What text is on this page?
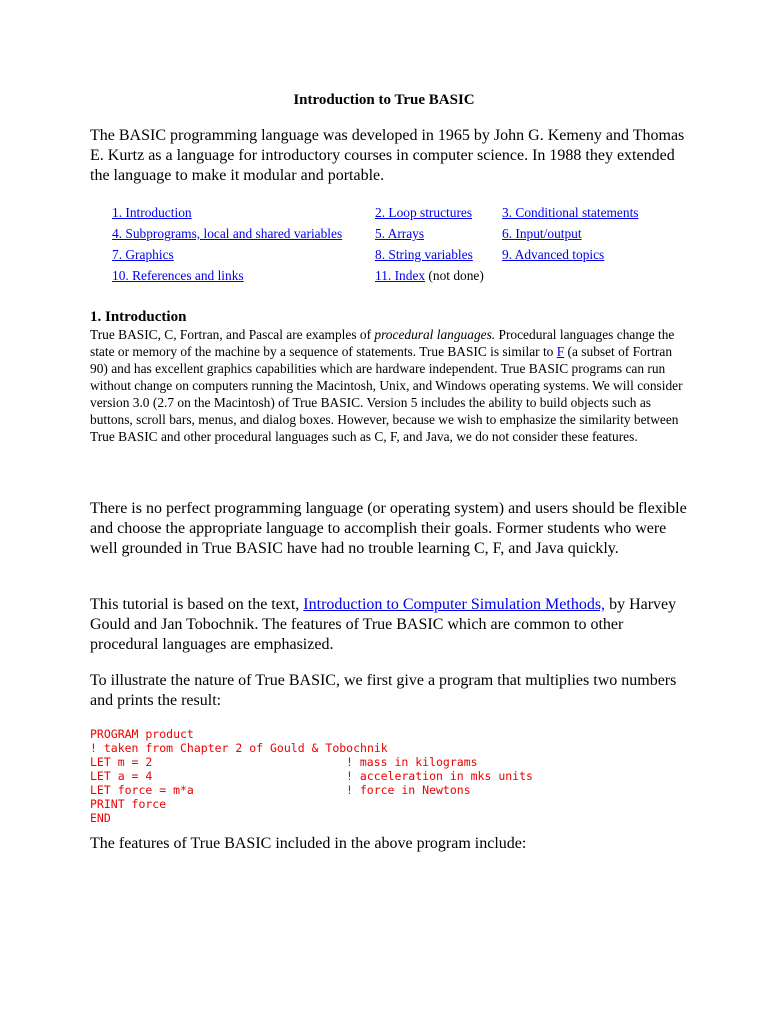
Introduction to True BASIC

The BASIC programming language was developed in 1965 by John G. Kemeny and Thomas E. Kurtz as a language for introductory courses in computer science. In 1988 they extended the language to make it modular and portable.

1. Introduction	2. Loop structures	3. Conditional statements
4. Subprograms, local and shared variables	5. Arrays	6. Input/output
7. Graphics	8. String variables	9. Advanced topics
10. References and links	11. Index (not done)	
1. Introduction

True BASIC, C, Fortran, and Pascal are examples of procedural languages. Procedural languages change the state or memory of the machine by a sequence of statements. True BASIC is similar to F (a subset of Fortran 90) and has excellent graphics capabilities which are hardware independent. True BASIC programs can run without change on computers running the Macintosh, Unix, and Windows operating systems. We will consider version 3.0 (2.7 on the Macintosh) of True BASIC. Version 5 includes the ability to build objects such as buttons, scroll bars, menus, and dialog boxes. However, because we wish to emphasize the similarity between True BASIC and other procedural languages such as C, F, and Java, we do not consider these features.

There is no perfect programming language (or operating system) and users should be flexible and choose the appropriate language to accomplish their goals. Former students who were well grounded in True BASIC have had no trouble learning C, F, and Java quickly.

This tutorial is based on the text, Introduction to Computer Simulation Methods, by Harvey Gould and Jan Tobochnik. The features of True BASIC which are common to other procedural languages are emphasized.

To illustrate the nature of True BASIC, we first give a program that multiplies two numbers and prints the result:

PROGRAM product
! taken from Chapter 2 of Gould & Tobochnik
LET m = 2	! mass in kilograms
LET a = 4	! acceleration in mks units
LET force = m*a	! force in Newtons
PRINT force
END

The features of True BASIC included in the above program include:
